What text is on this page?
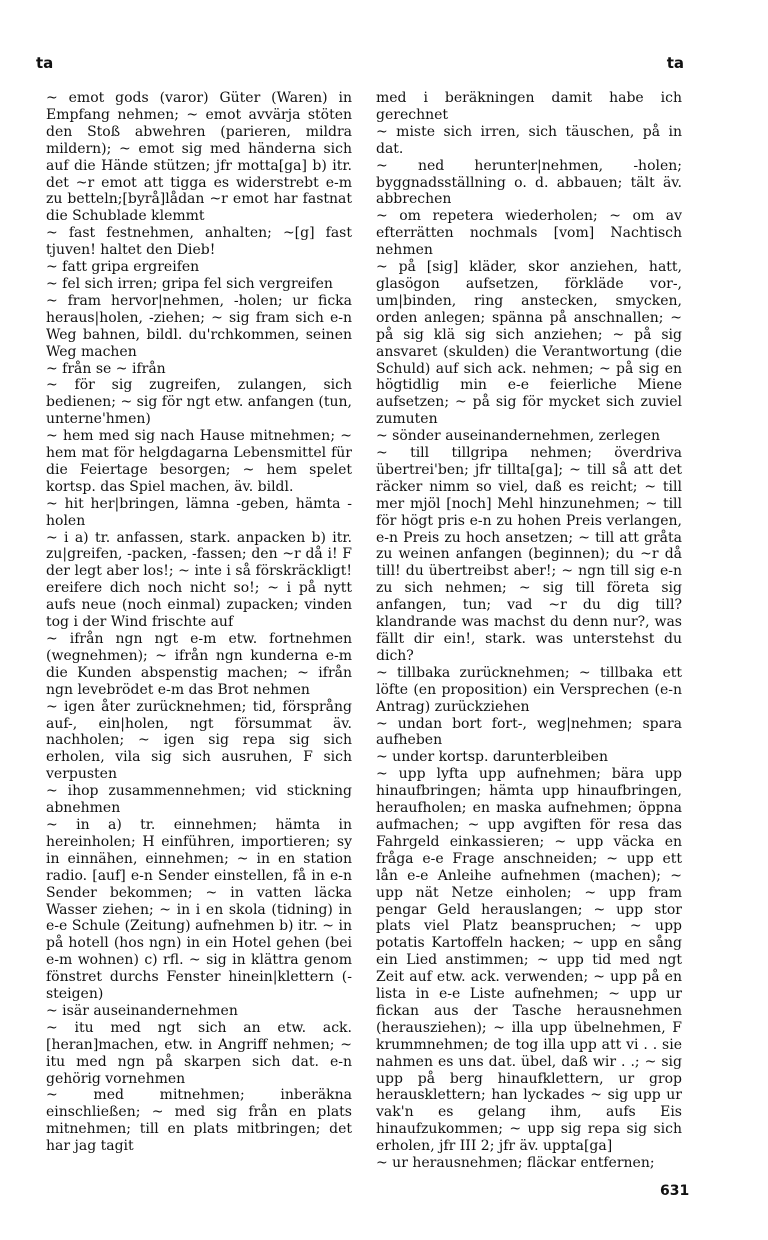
ta	ta

~ emot gods (varor) Güter (Waren) in Empfang nehmen; ~ emot avvärja stöten den Stoß abwehren (parieren, mildra mildern); ~ emot sig med händerna sich auf die Hände stützen; jfr motta[ga] b) itr. det ~r emot att tigga es widerstrebt e-m zu betteln;[byrå]lådan ~r emot har fastnat die Schublade klemmt

~ fast festnehmen, anhalten; ~[g] fast tjuven! haltet den Dieb!

~ fatt gripa ergreifen

~ fel sich irren; gripa fel sich vergreifen

~ fram hervor|nehmen, -holen; ur ficka heraus|holen, -ziehen; ~ sig fram sich e-n Weg bahnen, bildl. du'rchkommen, seinen Weg machen

~ från se ~ ifrån

~ för sig zugreifen, zulangen, sich bedienen; ~ sig för ngt etw. anfangen (tun, unterne'hmen)

~ hem med sig nach Hause mitnehmen; ~ hem mat för helgdagarna Lebensmittel für die Feiertage besorgen; ~ hem spelet kortsp. das Spiel machen, äv. bildl.

~ hit her|bringen, lämna -geben, hämta -holen

~ i a) tr. anfassen, stark. anpacken b) itr. zu|greifen, -packen, -fassen; den ~r då i! F der legt aber los!; ~ inte i så förskräckligt! ereifere dich noch nicht so!; ~ i på nytt aufs neue (noch einmal) zupacken; vinden tog i der Wind frischte auf

~ ifrån ngn ngt e-m etw. fortnehmen (wegnehmen); ~ ifrån ngn kunderna e-m die Kunden abspenstig machen; ~ ifrån ngn levebrödet e-m das Brot nehmen

~ igen åter zurücknehmen; tid, försprång auf-, ein|holen, ngt försummat äv. nachholen; ~ igen sig repa sig sich erholen, vila sig sich ausruhen, F sich verpusten

~ ihop zusammennehmen; vid stickning abnehmen

~ in a) tr. einnehmen; hämta in hereinholen; H einführen, importieren; sy in einnähen, einnehmen; ~ in en station radio. [auf] e-n Sender einstellen, få in e-n Sender bekommen; ~ in vatten läcka Wasser ziehen; ~ in i en skola (tidning) in e-e Schule (Zeitung) aufnehmen b) itr. ~ in på hotell (hos ngn) in ein Hotel gehen (bei e-m wohnen) c) rfl. ~ sig in klättra genom fönstret durchs Fenster hinein|klettern (-steigen)

~ isär auseinandernehmen

~ itu med ngt sich an etw. ack. [heran]machen, etw. in Angriff nehmen; ~ itu med ngn på skarpen sich dat. e-n gehörig vornehmen

~ med mitnehmen; inberäkna einschließen; ~ med sig från en plats mitnehmen; till en plats mitbringen; det har jag tagit

med i beräkningen damit habe ich gerechnet

~ miste sich irren, sich täuschen, på in dat.

~ ned herunter|nehmen, -holen; byggnadsställning o. d. abbauen; tält äv. abbrechen

~ om repetera wiederholen; ~ om av efterrätten nochmals [vom] Nachtisch nehmen

~ på [sig] kläder, skor anziehen, hatt, glasögon aufsetzen, förkläde vor-, um|binden, ring anstecken, smycken, orden anlegen; spänna på anschnallen; ~ på sig klä sig sich anziehen; ~ på sig ansvaret (skulden) die Verantwortung (die Schuld) auf sich ack. nehmen; ~ på sig en högtidlig min e-e feierliche Miene aufsetzen; ~ på sig för mycket sich zuviel zumuten

~ sönder auseinandernehmen, zerlegen

~ till tillgripa nehmen; överdriva übertrei'ben; jfr tillta[ga]; ~ till så att det räcker nimm so viel, daß es reicht; ~ till mer mjöl [noch] Mehl hinzunehmen; ~ till för högt pris e-n zu hohen Preis verlangen, e-n Preis zu hoch ansetzen; ~ till att gråta zu weinen anfangen (beginnen); du ~r då till! du übertreibst aber!; ~ ngn till sig e-n zu sich nehmen; ~ sig till företa sig anfangen, tun; vad ~r du dig till? klandrande was machst du denn nur?, was fällt dir ein!, stark. was unterstehst du dich?

~ tillbaka zurücknehmen; ~ tillbaka ett löfte (en proposition) ein Versprechen (e-n Antrag) zurückziehen

~ undan bort fort-, weg|nehmen; spara aufheben

~ under kortsp. darunterbleiben

~ upp lyfta upp aufnehmen; bära upp hinaufbringen; hämta upp hinaufbringen, heraufholen; en maska aufnehmen; öppna aufmachen; ~ upp avgiften för resa das Fahrgeld einkassieren; ~ upp väcka en fråga e-e Frage anschneiden; ~ upp ett lån e-e Anleihe aufnehmen (machen); ~ upp nät Netze einholen; ~ upp fram pengar Geld herauslangen; ~ upp stor plats viel Platz beanspruchen; ~ upp potatis Kartoffeln hacken; ~ upp en sång ein Lied anstimmen; ~ upp tid med ngt Zeit auf etw. ack. verwenden; ~ upp på en lista in e-e Liste aufnehmen; ~ upp ur fickan aus der Tasche herausnehmen (herausziehen); ~ illa upp übelnehmen, F krummnehmen; de tog illa upp att vi . . sie nahmen es uns dat. übel, daß wir . .; ~ sig upp på berg hinaufklettern, ur grop herausklettern; han lyckades ~ sig upp ur vak'n es gelang ihm, aufs Eis hinaufzukommen; ~ upp sig repa sig sich erholen, jfr III 2; jfr äv. uppta[ga]

~ ur herausnehmen; fläckar entfernen;

631
